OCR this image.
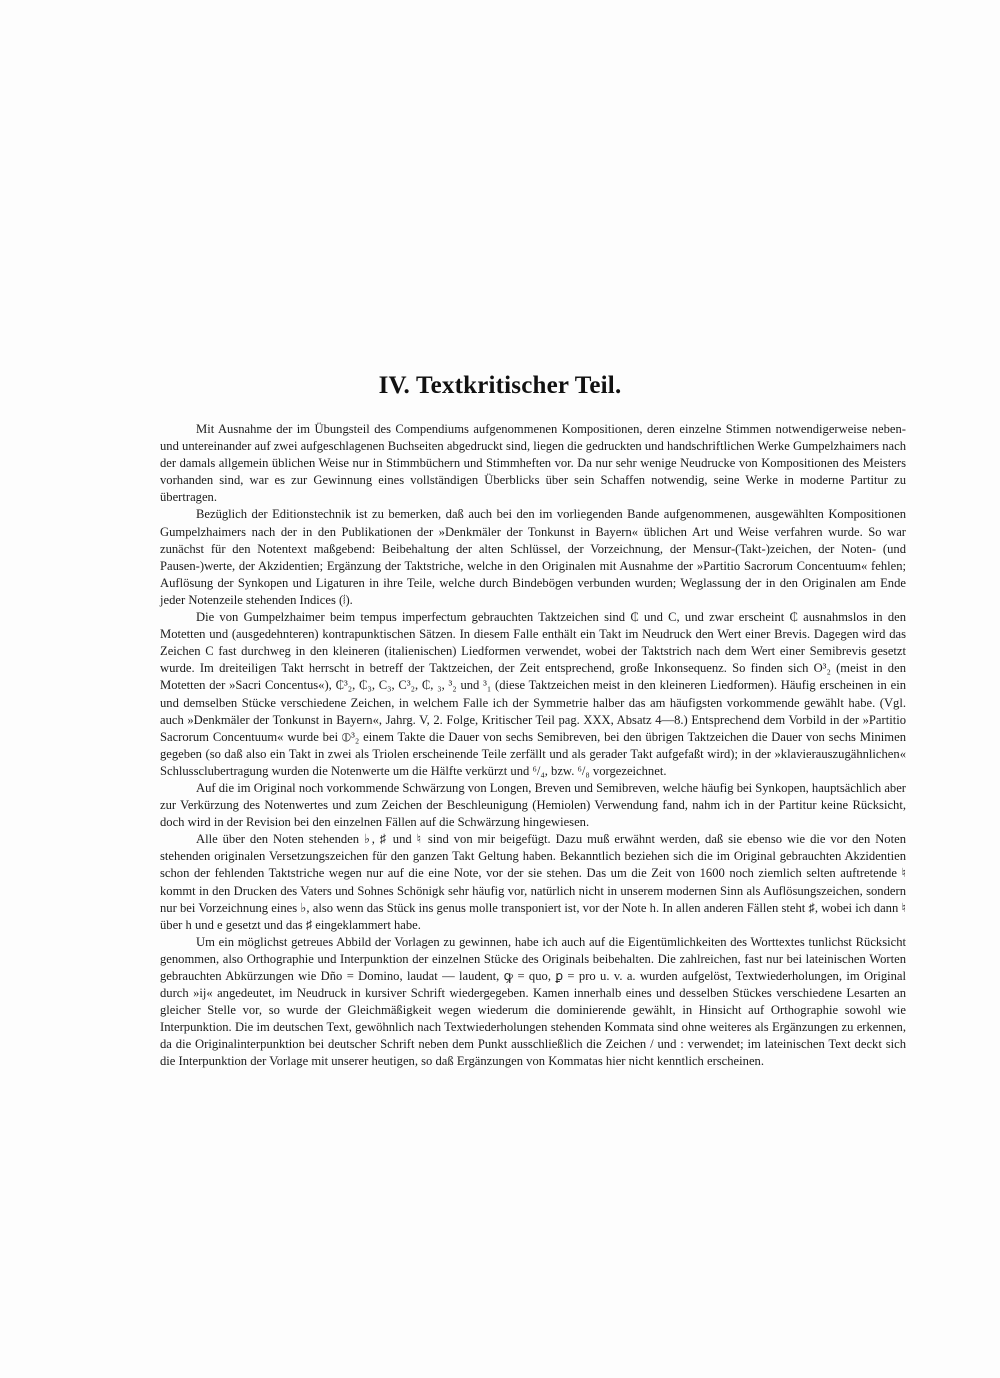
IV. Textkritischer Teil.

Mit Ausnahme der im Übungsteil des Compendiums aufgenommenen Kompositionen, deren einzelne Stimmen notwendigerweise neben- und untereinander auf zwei aufgeschlagenen Buchseiten abgedruckt sind, liegen die gedruckten und handschriftlichen Werke Gumpelzhaimers nach der damals allgemein üblichen Weise nur in Stimmbüchern und Stimmheften vor. Da nur sehr wenige Neudrucke von Kompositionen des Meisters vorhanden sind, war es zur Gewinnung eines vollständigen Überblicks über sein Schaffen notwendig, seine Werke in moderne Partitur zu übertragen.

Bezüglich der Editionstechnik ist zu bemerken, daß auch bei den im vorliegenden Bande aufgenommenen, ausgewählten Kompositionen Gumpelzhaimers nach der in den Publikationen der »Denkmäler der Tonkunst in Bayern« üblichen Art und Weise verfahren wurde. So war zunächst für den Notentext maßgebend: Beibehaltung der alten Schlüssel, der Vorzeichnung, der Mensur-(Takt-)zeichen, der Noten- (und Pausen-)werte, der Akzidentien; Ergänzung der Taktstriche, welche in den Originalen mit Ausnahme der »Partitio Sacrorum Concentuum« fehlen; Auflösung der Synkopen und Ligaturen in ihre Teile, welche durch Bindebögen verbunden wurden; Weglassung der in den Originalen am Ende jeder Notenzeile stehenden Indices (𝆃).

Die von Gumpelzhaimer beim tempus imperfectum gebrauchten Taktzeichen sind ₵ und C, und zwar erscheint ₵ ausnahmslos in den Motetten und (ausgedehnteren) kontrapunktischen Sätzen. In diesem Falle enthält ein Takt im Neudruck den Wert einer Brevis. Dagegen wird das Zeichen C fast durchweg in den kleineren (italienischen) Liedformen verwendet, wobei der Taktstrich nach dem Wert einer Semibrevis gesetzt wurde. Im dreiteiligen Takt herrscht in betreff der Taktzeichen, der Zeit entsprechend, große Inkonsequenz. So finden sich O³₂ (meist in den Motetten der »Sacri Concentus«), ₵³₂, ₵₃, C₃, C³₂, ₵, ₃, ³₂ und ³₁ (diese Taktzeichen meist in den kleineren Liedformen). Häufig erscheinen in ein und demselben Stücke verschiedene Zeichen, in welchem Falle ich der Symmetrie halber das am häufigsten vorkommende gewählt habe. (Vgl. auch »Denkmäler der Tonkunst in Bayern«, Jahrg. V, 2. Folge, Kritischer Teil pag. XXX, Absatz 4—8.) Entsprechend dem Vorbild in der »Partitio Sacrorum Concentuum« wurde bei ⦶³₂ einem Takte die Dauer von sechs Semibreven, bei den übrigen Taktzeichen die Dauer von sechs Minimen gegeben (so daß also ein Takt in zwei als Triolen erscheinende Teile zerfällt und als gerader Takt aufgefaßt wird); in der »klavierauszugähnlichen« Schlussclubertragung wurden die Notenwerte um die Hälfte verkürzt und ⁶/₄, bzw. ⁶/₈ vorgezeichnet.

Auf die im Original noch vorkommende Schwärzung von Longen, Breven und Semibreven, welche häufig bei Synkopen, hauptsächlich aber zur Verkürzung des Notenwertes und zum Zeichen der Beschleunigung (Hemiolen) Verwendung fand, nahm ich in der Partitur keine Rücksicht, doch wird in der Revision bei den einzelnen Fällen auf die Schwärzung hingewiesen.

Alle über den Noten stehenden ♭, ♯ und ♮ sind von mir beigefügt. Dazu muß erwähnt werden, daß sie ebenso wie die vor den Noten stehenden originalen Versetzungszeichen für den ganzen Takt Geltung haben. Bekanntlich beziehen sich die im Original gebrauchten Akzidentien schon der fehlenden Taktstriche wegen nur auf die eine Note, vor der sie stehen. Das um die Zeit von 1600 noch ziemlich selten auftretende ♮ kommt in den Drucken des Vaters und Sohnes Schönigk sehr häufig vor, natürlich nicht in unserem modernen Sinn als Auflösungszeichen, sondern nur bei Vorzeichnung eines ♭, also wenn das Stück ins genus molle transponiert ist, vor der Note h. In allen anderen Fällen steht ♯, wobei ich dann ♮ über h und e gesetzt und das ♯ eingeklammert habe.

Um ein möglichst getreues Abbild der Vorlagen zu gewinnen, habe ich auch auf die Eigentümlichkeiten des Worttextes tunlichst Rücksicht genommen, also Orthographie und Interpunktion der einzelnen Stücke des Originals beibehalten. Die zahlreichen, fast nur bei lateinischen Worten gebrauchten Abkürzungen wie Dño = Domino, laudat — laudent, ꝙ = quo, ꝑ = pro u. v. a. wurden aufgelöst, Textwiederholungen, im Original durch »ij« angedeutet, im Neudruck in kursiver Schrift wiedergegeben. Kamen innerhalb eines und desselben Stückes verschiedene Lesarten an gleicher Stelle vor, so wurde der Gleichmäßigkeit wegen wiederum die dominierende gewählt, in Hinsicht auf Orthographie sowohl wie Interpunktion. Die im deutschen Text, gewöhnlich nach Textwiederholungen stehenden Kommata sind ohne weiteres als Ergänzungen zu erkennen, da die Originalinterpunktion bei deutscher Schrift neben dem Punkt ausschließlich die Zeichen / und : verwendet; im lateinischen Text deckt sich die Interpunktion der Vorlage mit unserer heutigen, so daß Ergänzungen von Kommatas hier nicht kenntlich erscheinen.
